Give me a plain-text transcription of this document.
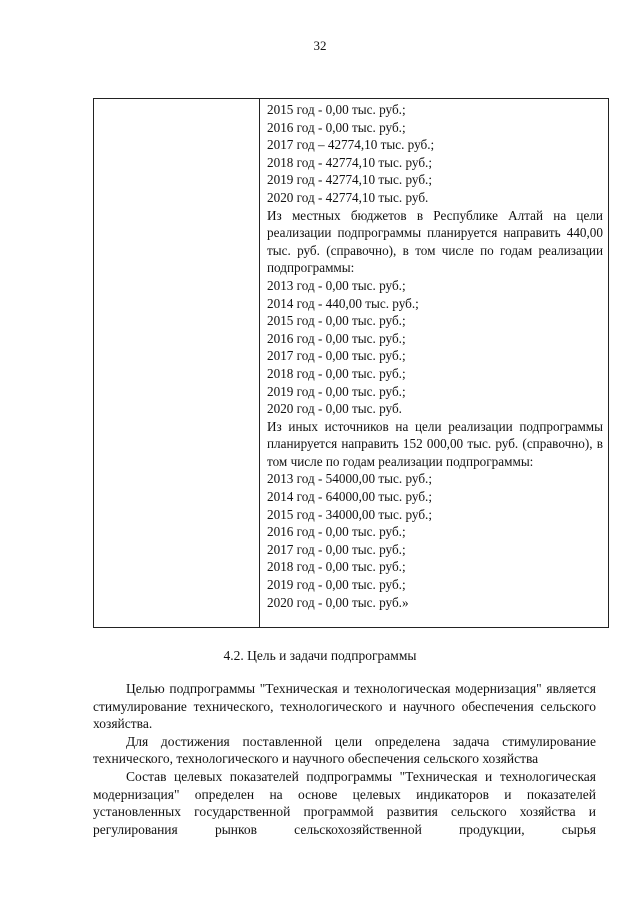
32
2015 год - 0,00 тыс. руб.;
2016 год - 0,00 тыс. руб.;
2017 год – 42774,10 тыс. руб.;
2018 год - 42774,10 тыс. руб.;
2019 год - 42774,10 тыс. руб.;
2020 год - 42774,10 тыс. руб.
Из местных бюджетов в Республике Алтай на цели реализации подпрограммы планируется направить 440,00 тыс. руб. (справочно), в том числе по годам реализации подпрограммы:
2013 год - 0,00 тыс. руб.;
2014 год - 440,00 тыс. руб.;
2015 год - 0,00 тыс. руб.;
2016 год - 0,00 тыс. руб.;
2017 год - 0,00 тыс. руб.;
2018 год - 0,00 тыс. руб.;
2019 год - 0,00 тыс. руб.;
2020 год - 0,00 тыс. руб.
Из иных источников на цели реализации подпрограммы планируется направить 152 000,00 тыс. руб. (справочно), в том числе по годам реализации подпрограммы:
2013 год - 54000,00 тыс. руб.;
2014 год - 64000,00 тыс. руб.;
2015 год - 34000,00 тыс. руб.;
2016 год - 0,00 тыс. руб.;
2017 год - 0,00 тыс. руб.;
2018 год - 0,00 тыс. руб.;
2019 год - 0,00 тыс. руб.;
2020 год - 0,00 тыс. руб.»
4.2. Цель и задачи подпрограммы

Целью подпрограммы "Техническая и технологическая модернизация" является стимулирование технического, технологического и научного обеспечения сельского хозяйства.

Для достижения поставленной цели определена задача стимулирование технического, технологического и научного обеспечения сельского хозяйства

Состав целевых показателей подпрограммы "Техническая и технологическая модернизация" определен на основе целевых индикаторов и показателей установленных государственной программой развития сельского хозяйства и регулирования рынков сельскохозяйственной продукции, сырья
